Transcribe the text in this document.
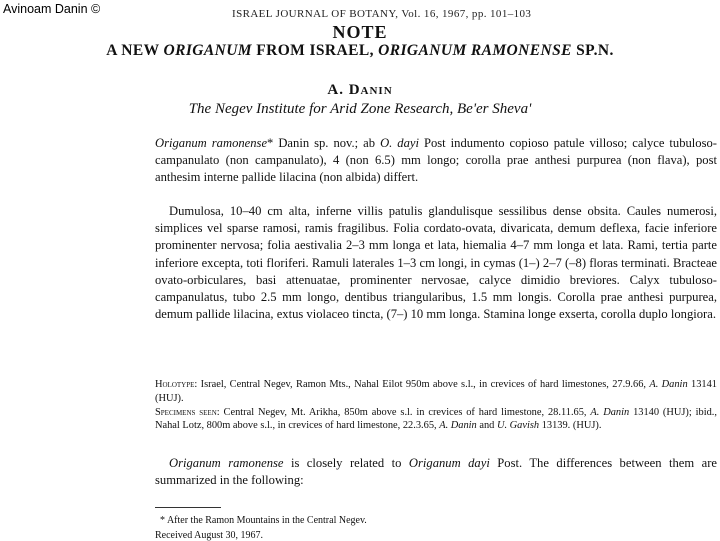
Avinoam Danin ©	ISRAEL JOURNAL OF BOTANY, Vol. 16, 1967, pp. 101–103
NOTE
A NEW ORIGANUM FROM ISRAEL, ORIGANUM RAMONENSE SP.N.
A. Danin
The Negev Institute for Arid Zone Research, Be'er Sheva'

Origanum ramonense* Danin sp. nov.; ab O. dayi Post indumento copioso patule villoso; calyce tubuloso-campanulato (non campanulato), 4 (non 6.5) mm longo; corolla prae anthesi purpurea (non flava), post anthesim interne pallide lilacina (non albida) differt.

Dumulosa, 10–40 cm alta, inferne villis patulis glandulisque sessilibus dense obsita. Caules numerosi, simplices vel sparse ramosi, ramis fragilibus. Folia cordato-ovata, divaricata, demum deflexa, facie inferiore prominenter nervosa; folia aestivalia 2–3 mm longa et lata, hiemalia 4–7 mm longa et lata. Rami, tertia parte inferiore excepta, toti floriferi. Ramuli laterales 1–3 cm longi, in cymas (1–) 2–7 (–8) floras terminati. Bracteae ovato-orbiculares, basi attenuatae, prominenter nervosae, calyce dimidio breviores. Calyx tubuloso-campanulatus, tubo 2.5 mm longo, dentibus triangularibus, 1.5 mm longis. Corolla prae anthesi purpurea, demum pallide lilacina, extus violaceo tincta, (7–) 10 mm longa. Stamina longe exserta, corolla duplo longiora.

Holotype: Israel, Central Negev, Ramon Mts., Nahal Eilot 950m above s.l., in crevices of hard limestones, 27.9.66, A. Danin 13141 (HUJ).

Specimens seen: Central Negev, Mt. Arikha, 850m above s.l. in crevices of hard limestone, 28.11.65, A. Danin 13140 (HUJ); ibid., Nahal Lotz, 800m above s.l., in crevices of hard limestone, 22.3.65, A. Danin and U. Gavish 13139. (HUJ).

Origanum ramonense is closely related to Origanum dayi Post. The differences between them are summarized in the following:

* After the Ramon Mountains in the Central Negev.
Received August 30, 1967.
